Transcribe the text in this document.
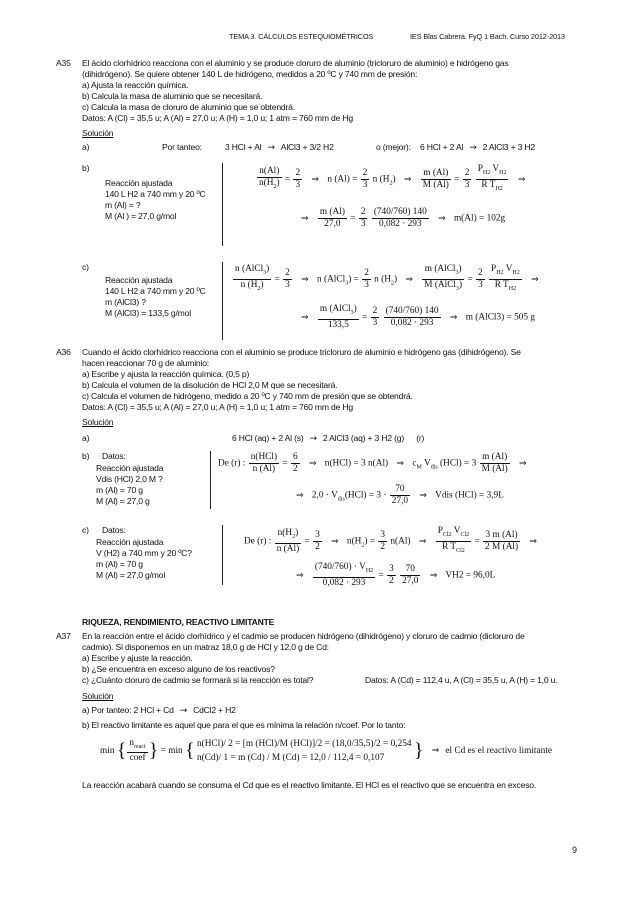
TEMA 3. CÁLCULOS ESTEQUIOMÉTRICOS	IES Blas Cabrera. FyQ 1 Bach. Curso 2012-2013
A35 El ácido clorhídrico reacciona con el aluminio y se produce cloruro de aluminio (tricloruro de aluminio) e hidrógeno gas
(dihidrógeno). Se quiere obtener 140 L de hidrógeno, medidos a 20 ºC y 740 mm de presión:
a) Ajusta la reacción química.
b) Calcula la masa de aluminio que se necesitará.
c) Calcula la masa de cloruro de aluminio que se obtendrá.
Datos: A (Cl) = 35,5 u; A (Al) = 27,0 u; A (H) = 1,0 u; 1 atm = 760 mm de Hg
Solución
a)	Por tanteo:	3 HCl + Al → AlCl3 + 3/2 H2	o (mejor): 6 HCl + 2 Al → 2 AlCl3 + 3 H2
b)
Reacción ajustada
140 L H2 a 740 mm y 20 ºC
m (Al) = ?
M (Al ) = 27,0 g/mol
$\frac{n(Al)}{n(H_2)} = \frac{2}{3}$ ⇒ n $(Al) = \frac{2}{3}$ n $(H_2)$ ⇒ $\frac{m (Al)}{M (Al)} = \frac{2}{3}$
$\frac{P_{H2} V_{H2}}{R T_{H2}}$ ⇒
⇒ $\frac{m (Al)}{27,0} = \frac{2}{3}$
$\frac{(740/760) 140}{0,082 \cdot 293}$ ⇒ m(Al) = 102g
c)
Reacción ajustada
140 L H2 a 740 mm y 20 ºC
m (AlCl3) ?
M (AlCl3) = 133,5 g/mol
$\frac{n (AlCl_3)}{n (H_2)} = \frac{2}{3}$ ⇒ n (AlCl$_3$) = $\frac{2}{3}$ n $(H_2)$ ⇒ $\frac{m (AlCl_3)}{M (AlCl_3)} = \frac{2}{3}$
$\frac{P_{H2} V_{H2}}{R T_{H2}}$ ⇒
⇒ $\frac{m (AlCl_3)}{133,5} = \frac{2}{3}$
$\frac{(740/760) 140}{0,082 \cdot 293}$ ⇒ m (AlCl3) = 505 g
A36 Cuando el ácido clorhídrico reacciona con el aluminio se produce tricloruro de aluminio e hidrógeno gas (dihidrógeno). Se
hacen reaccionar 70 g de aluminio:
a) Escribe y ajusta la reacción química. (0,5 p)
b) Calcula el volumen de la disolución de HCl 2,0 M que se necesitará.
c) Calcula el volumen de hidrógeno, medido a 20 ºC y 740 mm de presión que se obtendrá.
Datos: A (Cl) = 35,5 u; A (Al) = 27,0 u; A (H) = 1,0 u; 1 atm = 760 mm de Hg
Solución
a)	6 HCl (aq) + 2 Al (s) → 2 AlCl3 (aq) + 3 H2 (g) (r)
b) Datos:
Reacción ajustada
Vdis (HCl) 2,0 M ?
m (Al) = 70 g
M (Al) = 27,0 g
De (r) : $\frac{\text{n(HCl)}}{n (Al)} = \frac{6}{2}$ ⇒ n(HCl) = 3 n(Al) ⇒ $c_M$ $V_{dis}$ $(HCl) = 3 \frac{m (Al)}{M (Al)}$ ⇒
⇒ $2,0 \cdot V_{dis}(HCl) = 3 \cdot \frac{70}{27,0}$ ⇒ Vdis (HCl) = 3,9L
c) Datos:
Reacción ajustada
V (H2) a 740 mm y 20 ºC?
m (Al) = 70 g
M (Al) = 27,0 g/mol
De (r) : $\frac{n(H_2)}{n (Al)} = \frac{3}{2}$ ⇒ $n(H_2) = \frac{3}{2} n(Al)$ ⇒ $\frac{P_{Cl2} V_{Cl2}}{R T_{Cl2}} = \frac{3 m (Al)}{2 M (Al)}$ ⇒
⇒ $\frac{(740/760) \cdot V_{H2}}{0,082 \cdot 293} = \frac{3}{2}$
$\frac{70}{27,0}$ ⇒ VH2 = 96,0L
RIQUEZA, RENDIMIENTO, REACTIVO LIMITANTE
A37 En la reacción entre el ácido clorhídrico y el cadmio se producen hidrógeno (dihidrógeno) y cloruro de cadmio (dicloruro de
cadmio). Si disponemos en un matraz 18,0 g de HCl y 12,0 g de Cd:
a) Escribe y ajuste la reacción.
b) ¿Se encuentra en exceso alguno de los reactivos?
c) ¿Cuánto cloruro de cadmio se formará si la reacción es total?	Datos: A (Cd) = 112,4 u, A (Cl) = 35,5 u, A (H) = 1,0 u.
Solución
a) Por tanteo: 2 HCl + Cd → CdCl2 + H2
b) El reactivo limitante es aquel que para el que es mínima la relación n/coef. Por lo tanto:
min { $\frac{n_{react}}{\text{coef}}$ } = min { n(HCl)/ 2 = [m (HCl)/M (HCl)]/2 = (18,0/35,5)/2 = 0,254
n(Cd)/ 1 = m (Cd) / M (Cd) = 12,0 / 112,4 = 0,107	} ⇒ el Cd es el reactivo limitante
La reacción acabará cuando se consuma el Cd que es el reactivo limitante. El HCl es el reactivo que se encuentra en exceso.
9
